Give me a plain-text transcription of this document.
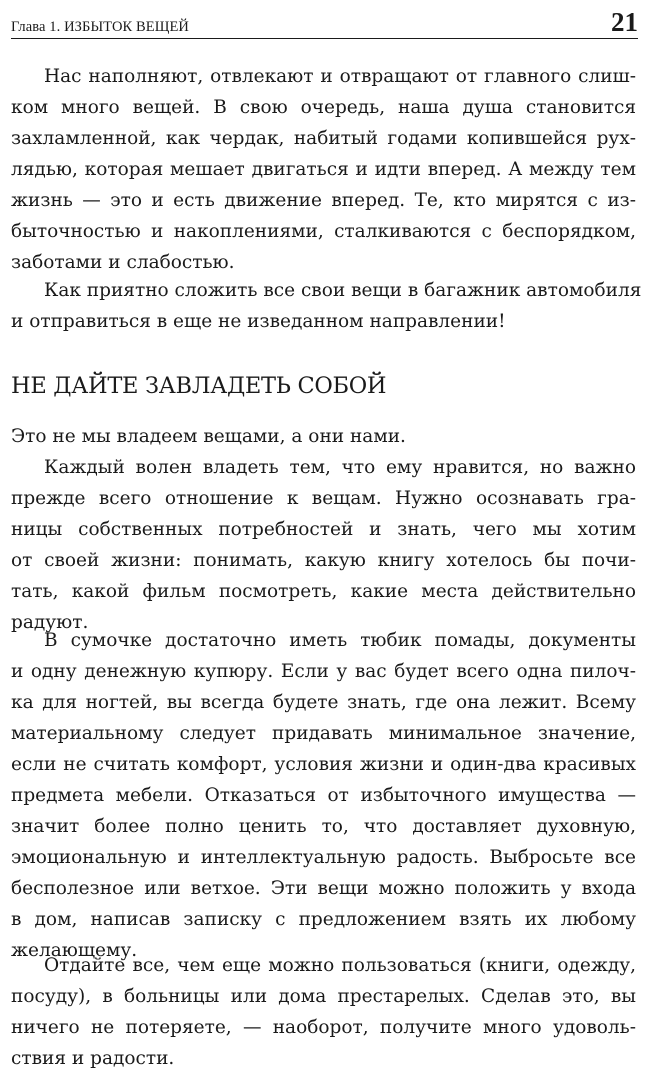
Глава 1. ИЗБЫТОК ВЕЩЕЙ	21
Нас наполняют, отвлекают и отвращают от главного слиш-
ком много вещей. В свою очередь, наша душа становится
захламленной, как чердак, набитый годами копившейся рух-
лядью, которая мешает двигаться и идти вперед. А между тем
жизнь — это и есть движение вперед. Те, кто мирятся с из-
быточностью и накоплениями, сталкиваются с беспорядком,
заботами и слабостью.
Как приятно сложить все свои вещи в багажник автомобиля
и отправиться в еще не изведанном направлении!
НЕ ДАЙТЕ ЗАВЛАДЕТЬ СОБОЙ
Это не мы владеем вещами, а они нами.
Каждый волен владеть тем, что ему нравится, но важно
прежде всего отношение к вещам. Нужно осознавать гра-
ницы собственных потребностей и знать, чего мы хотим
от своей жизни: понимать, какую книгу хотелось бы почи-
тать, какой фильм посмотреть, какие места действительно
радуют.
В сумочке достаточно иметь тюбик помады, документы
и одну денежную купюру. Если у вас будет всего одна пилоч-
ка для ногтей, вы всегда будете знать, где она лежит. Всему
материальному следует придавать минимальное значение,
если не считать комфорт, условия жизни и один-два красивых
предмета мебели. Отказаться от избыточного имущества —
значит более полно ценить то, что доставляет духовную,
эмоциональную и интеллектуальную радость. Выбросьте все
бесполезное или ветхое. Эти вещи можно положить у входа
в дом, написав записку с предложением взять их любому
желающему.
Отдайте все, чем еще можно пользоваться (книги, одежду,
посуду), в больницы или дома престарелых. Сделав это, вы
ничего не потеряете, — наоборот, получите много удоволь-
ствия и радости.
